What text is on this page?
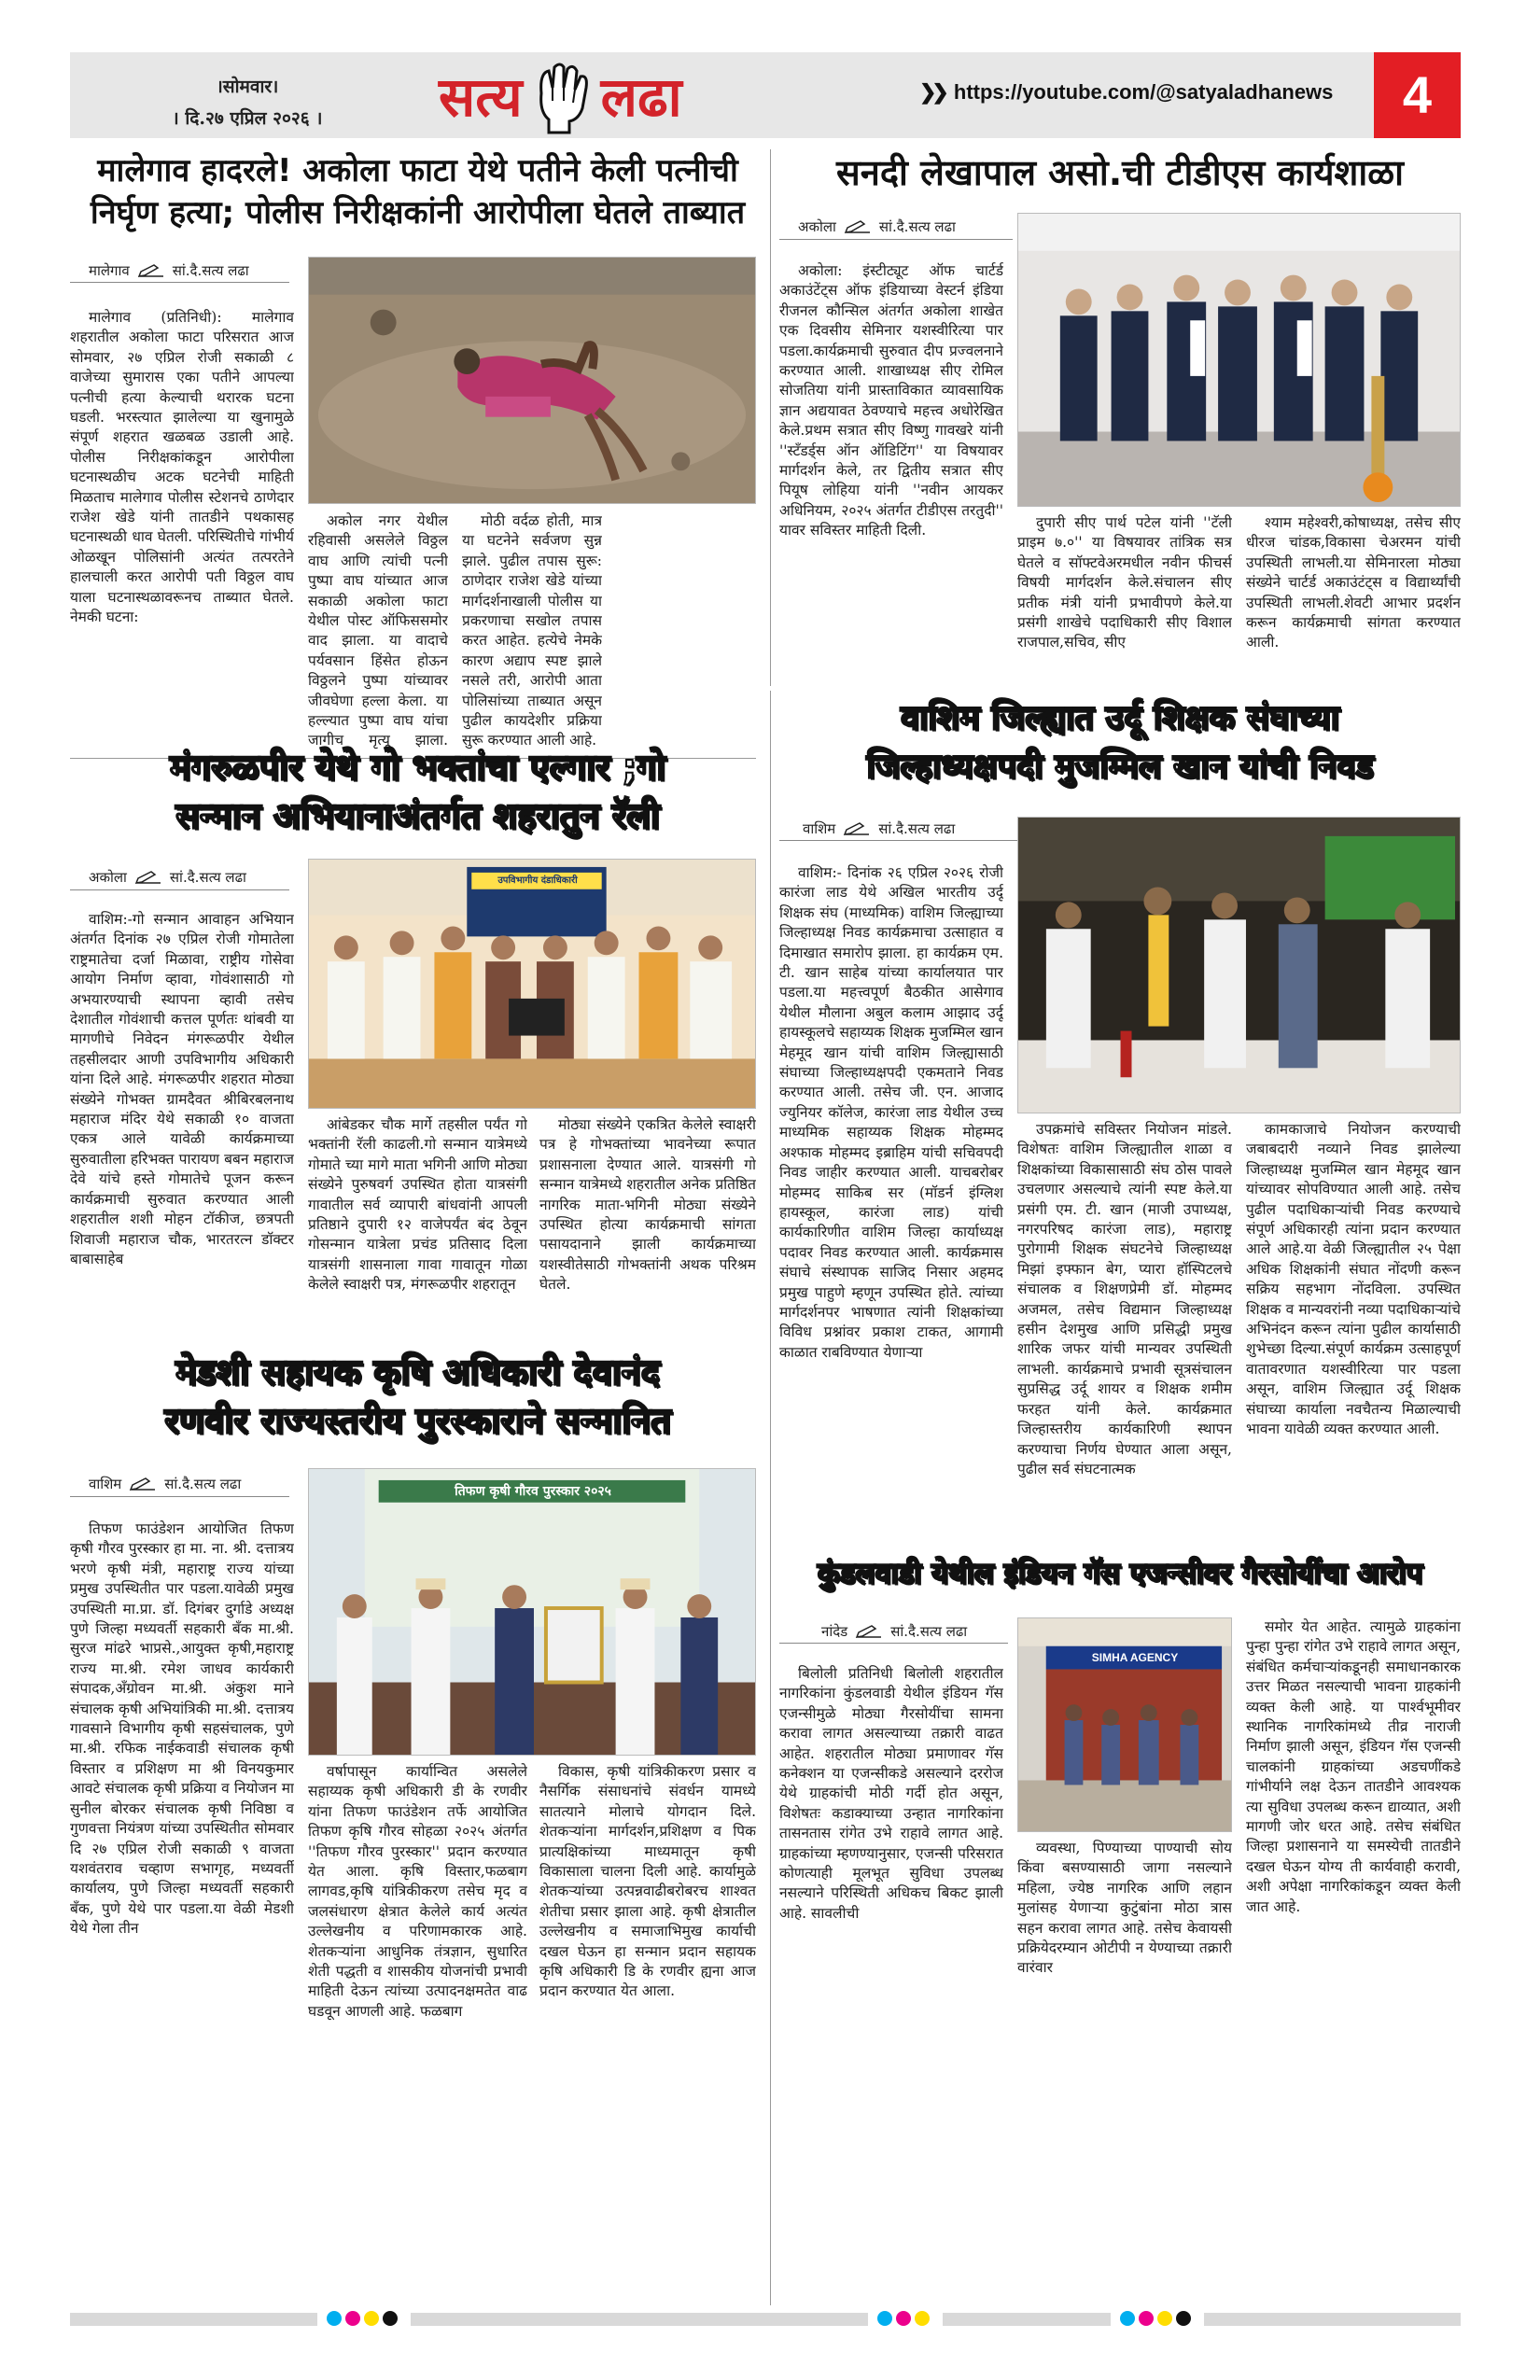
।सोमवार।
। दि.२७ एप्रिल २०२६ ।	सत्य लढा	❯❯ https://youtube.com/@satyaladhanews	4
मालेगाव हादरले! अकोला फाटा येथे पतीने केली पत्नीची
निर्घृण हत्या; पोलीस निरीक्षकांनी आरोपीला घेतले ताब्यात
मालेगाव	सां.दै.सत्य लढा

मालेगाव (प्रतिनिधी): मालेगाव शहरातील अकोला फाटा परिसरात आज सोमवार, २७ एप्रिल रोजी सकाळी ८ वाजेच्या सुमारास एका पतीने आपल्या पत्नीची हत्या केल्याची थरारक घटना घडली. भरस्त्यात झालेल्या या खुनामुळे संपूर्ण शहरात खळबळ उडाली आहे. पोलीस निरीक्षकांकडून आरोपीला घटनास्थळीच अटक घटनेची माहिती मिळताच मालेगाव पोलीस स्टेशनचे ठाणेदार राजेश खेडे यांनी तातडीने पथकासह घटनास्थळी धाव घेतली. परिस्थितीचे गांभीर्य ओळखून पोलिसांनी अत्यंत तत्परतेने हालचाली करत आरोपी पती विठ्ठल वाघ याला घटनास्थळावरूनच ताब्यात घेतले. नेमकी घटना:

अकोल नगर येथील रहिवासी असलेले विठ्ठल वाघ आणि त्यांची पत्नी पुष्पा वाघ यांच्यात आज सकाळी अकोला फाटा येथील पोस्ट ऑफिससमोर वाद झाला. या वादाचे पर्यवसान हिंसेत होऊन विठ्ठलने पुष्पा यांच्यावर जीवघेणा हल्ला केला. या हल्ल्यात पुष्पा वाघ यांचा जागीच मृत्यू झाला.

मोठी वर्दळ होती, मात्र या घटनेने सर्वजण सुन्न झाले. पुढील तपास सुरू: ठाणेदार राजेश खेडे यांच्या मार्गदर्शनाखाली पोलीस या प्रकरणाचा सखोल तपास करत आहेत. हत्येचे नेमके कारण अद्याप स्पष्ट झाले नसले तरी, आरोपी आता पोलिसांच्या ताब्यात असून पुढील कायदेशीर प्रक्रिया सुरू करण्यात आली आहे.

सनदी लेखापाल असो.ची टीडीएस कार्यशाळा
अकोला	सां.दै.सत्य लढा

अकोला: इंस्टीट्यूट ऑफ चार्टर्ड अकाउंटेंट्स ऑफ इंडियाच्या वेस्टर्न इंडिया रीजनल कौन्सिल अंतर्गत अकोला शाखेत एक दिवसीय सेमिनार यशस्वीरित्या पार पडला.कार्यक्रमाची सुरुवात दीप प्रज्वलनाने करण्यात आली. शाखाध्यक्ष सीए रोमिल सोजतिया यांनी प्रास्ताविकात व्यावसायिक ज्ञान अद्ययावत ठेवण्याचे महत्त्व अधोरेखित केले.प्रथम सत्रात सीए विष्णु गावखरे यांनी ''स्टँडर्ड्स ऑन ऑडिटिंग'' या विषयावर मार्गदर्शन केले, तर द्वितीय सत्रात सीए पियूष लोहिया यांनी ''नवीन आयकर अधिनियम, २०२५ अंतर्गत टीडीएस तरतुदी'' यावर सविस्तर माहिती दिली.	दुपारी सीए पार्थ पटेल यांनी ''टॅली प्राइम ७.०'' या विषयावर तांत्रिक सत्र घेतले व सॉफ्टवेअरमधील नवीन फीचर्स विषयी मार्गदर्शन केले.संचालन सीए प्रतीक मंत्री यांनी प्रभावीपणे केले.या प्रसंगी शाखेचे पदाधिकारी सीए विशाल राजपाल,सचिव, सीए

श्याम महेश्वरी,कोषाध्यक्ष, तसेच सीए धीरज चांडक,विकासा चेअरमन यांची उपस्थिती लाभली.या सेमिनारला मोठ्या संख्येने चार्टर्ड अकाउंटंट्स व विद्यार्थ्यांची उपस्थिती लाभली.शेवटी आभार प्रदर्शन करून कार्यक्रमाची सांगता करण्यात आली.

मंगरुळपीर येथे गो भक्तांचा एल्गार ;गो
सन्मान अभियानाअंतर्गत शहरातुन रॅली
अकोला	सां.दै.सत्य लढा

वाशिम:-गो सन्मान आवाहन अभियान अंतर्गत दिनांक २७ एप्रिल रोजी गोमातेला राष्ट्रमातेचा दर्जा मिळावा, राष्ट्रीय गोसेवा आयोग निर्माण व्हावा, गोवंशासाठी गो अभयारण्याची स्थापना व्हावी तसेच देशातील गोवंशाची कत्तल पूर्णतः थांबवी या मागणीचे निवेदन मंगरूळपीर येथील तहसीलदार आणी उपविभागीय अधिकारी यांना दिले आहे. मंगरूळपीर शहरात मोठ्या संख्येने गोभक्त ग्रामदैवत श्रीबिरबलनाथ महाराज मंदिर येथे सकाळी १० वाजता एकत्र आले यावेळी कार्यक्रमाच्या सुरुवातीला हरिभक्त पारायण बबन महाराज देवे यांचे हस्ते गोमातेचे पूजन करून कार्यक्रमाची सुरुवात करण्यात आली शहरातील शशी मोहन टॉकीज, छत्रपती शिवाजी महाराज चौक, भारतरत्न डॉक्टर बाबासाहेब

उपविभागीय दंडाधिकारी

आंबेडकर चौक मार्गे तहसील पर्यंत गो भक्तांनी रॅली काढली.गो सन्मान यात्रेमध्ये गोमाते च्या मागे माता भगिनी आणि मोठ्या संख्येने पुरुषवर्ग उपस्थित होता यात्रसंगी गावातील सर्व व्यापारी बांधवांनी आपली प्रतिष्ठाने दुपारी १२ वाजेपर्यंत बंद ठेवून गोसन्मान यात्रेला प्रचंड प्रतिसाद दिला यात्रसंगी शासनाला गावा गावातून गोळा केलेले स्वाक्षरी पत्र, मंगरूळपीर शहरातून

मोठ्या संख्येने एकत्रित केलेले स्वाक्षरी पत्र हे गोभक्तांच्या भावनेच्या रूपात प्रशासनाला देण्यात आले. यात्रसंगी गो सन्मान यात्रेमध्ये शहरातील अनेक प्रतिष्ठित नागरिक माता-भगिनी मोठ्या संख्येने उपस्थित होत्या कार्यक्रमाची सांगता पसायदानाने झाली कार्यक्रमाच्या यशस्वीतेसाठी गोभक्तांनी अथक परिश्रम घेतले.

मेडशी सहायक कृषि अधिकारी देवानंद
रणवीर राज्यस्तरीय पुरस्काराने सन्मानित
वाशिम	सां.दै.सत्य लढा

तिफण फाउंडेशन आयोजित तिफण कृषी गौरव पुरस्कार हा मा. ना. श्री. दत्तात्रय भरणे कृषी मंत्री, महाराष्ट्र राज्य यांच्या प्रमुख उपस्थितीत पार पडला.यावेळी प्रमुख उपस्थिती मा.प्रा. डॉ. दिगंबर दुर्गाडे अध्यक्ष पुणे जिल्हा मध्यवर्ती सहकारी बँक मा.श्री. सुरज मांढरे भाप्रसे.,आयुक्त कृषी,महाराष्ट्र राज्य मा.श्री. रमेश जाधव कार्यकारी संपादक,अँग्रोवन मा.श्री. अंकुश माने संचालक कृषी अभियांत्रिकी मा.श्री. दत्तात्रय गावसाने विभागीय कृषी सहसंचालक, पुणे मा.श्री. रफिक नाईकवाडी संचालक कृषी विस्तार व प्रशिक्षण मा श्री विनयकुमार आवटे संचालक कृषी प्रक्रिया व नियोजन मा सुनील बोरकर संचालक कृषी निविष्ठा व गुणवत्ता नियंत्रण यांच्या उपस्थितीत सोमवार दि २७ एप्रिल रोजी सकाळी ९ वाजता यशवंतराव चव्हाण सभागृह, मध्यवर्ती कार्यालय, पुणे जिल्हा मध्यवर्ती सहकारी बँक, पुणे येथे पार पडला.या वेळी मेडशी येथे गेला तीन

तिफण कृषी गौरव पुरस्कार २०२५

वर्षापासून कार्यान्वित असलेले सहाय्यक कृषी अधिकारी डी के रणवीर यांना तिफण फाउंडेशन तर्फे आयोजित तिफण कृषि गौरव सोहळा २०२५ अंतर्गत ''तिफण गौरव पुरस्कार'' प्रदान करण्यात येत आला. कृषि विस्तार,फळबाग लागवड,कृषि यांत्रिकीकरण तसेच मृद व जलसंधारण क्षेत्रात केलेले कार्य अत्यंत उल्लेखनीय व परिणामकारक आहे. शेतकऱ्यांना आधुनिक तंत्रज्ञान, सुधारित शेती पद्धती व शासकीय योजनांची प्रभावी माहिती देऊन त्यांच्या उत्पादनक्षमतेत वाढ घडवून आणली आहे. फळबाग

विकास, कृषी यांत्रिकीकरण प्रसार व नैसर्गिक संसाधनांचे संवर्धन यामध्ये सातत्याने मोलाचे योगदान दिले. शेतकऱ्यांना मार्गदर्शन,प्रशिक्षण व पिक प्रात्यक्षिकांच्या माध्यमातून कृषी विकासाला चालना दिली आहे. कार्यामुळे शेतकऱ्यांच्या उत्पन्नवाढीबरोबरच शाश्वत शेतीचा प्रसार झाला आहे. कृषी क्षेत्रातील उल्लेखनीय व समाजाभिमुख कार्याची दखल घेऊन हा सन्मान प्रदान सहायक कृषि अधिकारी डि के रणवीर ह्यना आज प्रदान करण्यात येत आला.

वाशिम जिल्ह्यात उर्दू शिक्षक संघाच्या
जिल्हाध्यक्षपदी मुजम्मिल खान यांची निवड
वाशिम	सां.दै.सत्य लढा

वाशिम:- दिनांक २६ एप्रिल २०२६ रोजी कारंजा लाड येथे अखिल भारतीय उर्दू शिक्षक संघ (माध्यमिक) वाशिम जिल्ह्याच्या जिल्हाध्यक्ष निवड कार्यक्रमाचा उत्साहात व दिमाखात समारोप झाला. हा कार्यक्रम एम. टी. खान साहेब यांच्या कार्यालयात पार पडला.या महत्त्वपूर्ण बैठकीत आसेगाव येथील मौलाना अबुल कलाम आझाद उर्दू हायस्कूलचे सहाय्यक शिक्षक मुजम्मिल खान मेहमूद खान यांची वाशिम जिल्ह्यासाठी संघाच्या जिल्हाध्यक्षपदी एकमताने निवड करण्यात आली. तसेच जी. एन. आजाद ज्युनियर कॉलेज, कारंजा लाड येथील उच्च माध्यमिक सहाय्यक शिक्षक मोहम्मद अश्फाक मोहम्मद इब्राहिम यांची सचिवपदी निवड जाहीर करण्यात आली. याचबरोबर मोहम्मद साकिब सर (मॉडर्न इंग्लिश हायस्कूल, कारंजा लाड) यांची कार्यकारिणीत वाशिम जिल्हा कार्याध्यक्ष पदावर निवड करण्यात आली. कार्यक्रमास संघाचे संस्थापक साजिद निसार अहमद प्रमुख पाहुणे म्हणून उपस्थित होते. त्यांच्या मार्गदर्शनपर भाषणात त्यांनी शिक्षकांच्या विविध प्रश्नांवर प्रकाश टाकत, आगामी काळात राबविण्यात येणाऱ्या

उपक्रमांचे सविस्तर नियोजन मांडले. विशेषतः वाशिम जिल्ह्यातील शाळा व शिक्षकांच्या विकासासाठी संघ ठोस पावले उचलणार असल्याचे त्यांनी स्पष्ट केले.या प्रसंगी एम. टी. खान (माजी उपाध्यक्ष, नगरपरिषद कारंजा लाड), महाराष्ट्र पुरोगामी शिक्षक संघटनेचे जिल्हाध्यक्ष मिझां इफ्फान बेग, प्यारा हॉस्पिटलचे संचालक व शिक्षणप्रेमी डॉ. मोहम्मद अजमल, तसेच विद्यमान जिल्हाध्यक्ष हसीन देशमुख आणि प्रसिद्धी प्रमुख शारिक जफर यांची मान्यवर उपस्थिती लाभली. कार्यक्रमाचे प्रभावी सूत्रसंचालन सुप्रसिद्ध उर्दू शायर व शिक्षक शमीम फरहत यांनी केले. कार्यक्रमात जिल्हास्तरीय कार्यकारिणी स्थापन करण्याचा निर्णय घेण्यात आला असून, पुढील सर्व संघटनात्मक

कामकाजाचे नियोजन करण्याची जबाबदारी नव्याने निवड झालेल्या जिल्हाध्यक्ष मुजम्मिल खान मेहमूद खान यांच्यावर सोपविण्यात आली आहे. तसेच पुढील पदाधिकाऱ्यांची निवड करण्याचे संपूर्ण अधिकारही त्यांना प्रदान करण्यात आले आहे.या वेळी जिल्ह्यातील २५ पेक्षा अधिक शिक्षकांनी संघात नोंदणी करून सक्रिय सहभाग नोंदविला. उपस्थित शिक्षक व मान्यवरांनी नव्या पदाधिकाऱ्यांचे अभिनंदन करून त्यांना पुढील कार्यासाठी शुभेच्छा दिल्या.संपूर्ण कार्यक्रम उत्साहपूर्ण वातावरणात यशस्वीरित्या पार पडला असून, वाशिम जिल्ह्यात उर्दू शिक्षक संघाच्या कार्याला नवचैतन्य मिळाल्याची भावना यावेळी व्यक्त करण्यात आली.

कुंडलवाडी येथील इंडियन गॅस एजन्सीवर गैरसोयींचा आरोप
नांदेड	सां.दै.सत्य लढा

बिलोली प्रतिनिधी बिलोली शहरातील नागरिकांना कुंडलवाडी येथील इंडियन गॅस एजन्सीमुळे मोठ्या गैरसोयींचा सामना करावा लागत असल्याच्या तक्रारी वाढत आहेत. शहरातील मोठ्या प्रमाणावर गॅस कनेक्शन या एजन्सीकडे असल्याने दररोज येथे ग्राहकांची मोठी गर्दी होत असून, विशेषतः कडाक्याच्या उन्हात नागरिकांना तासनतास रांगेत उभे राहावे लागत आहे. ग्राहकांच्या म्हणण्यानुसार, एजन्सी परिसरात कोणत्याही मूलभूत सुविधा उपलब्ध नसल्याने परिस्थिती अधिकच बिकट झाली आहे. सावलीची

SIMHA AGENCY

व्यवस्था, पिण्याच्या पाण्याची सोय किंवा बसण्यासाठी जागा नसल्याने महिला, ज्येष्ठ नागरिक आणि लहान मुलांसह येणाऱ्या कुटुंबांना मोठा त्रास सहन करावा लागत आहे. तसेच केवायसी प्रक्रियेदरम्यान ओटीपी न येण्याच्या तक्रारी वारंवार

समोर येत आहेत. त्यामुळे ग्राहकांना पुन्हा पुन्हा रांगेत उभे राहावे लागत असून, संबंधित कर्मचाऱ्यांकडूनही समाधानकारक उत्तर मिळत नसल्याची भावना ग्राहकांनी व्यक्त केली आहे. या पार्श्वभूमीवर स्थानिक नागरिकांमध्ये तीव्र नाराजी निर्माण झाली असून, इंडियन गॅस एजन्सी चालकांनी ग्राहकांच्या अडचणींकडे गांभीर्याने लक्ष देऊन तातडीने आवश्यक त्या सुविधा उपलब्ध करून द्याव्यात, अशी मागणी जोर धरत आहे. तसेच संबंधित जिल्हा प्रशासनाने या समस्येची तातडीने दखल घेऊन योग्य ती कार्यवाही करावी, अशी अपेक्षा नागरिकांकडून व्यक्त केली जात आहे.
